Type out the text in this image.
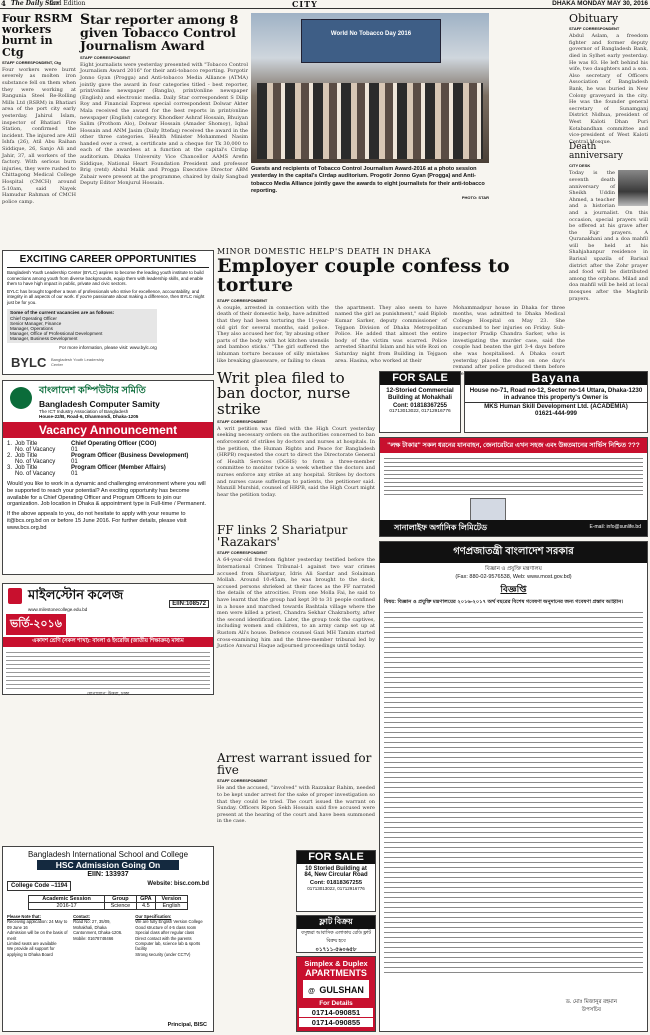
4 The Daily Star
2nd Edition	CITY	DHAKA MONDAY MAY 30, 2016
Four RSRM workers burnt in Ctg
STAFF CORRESPONDENT, Ctg
Four workers were burnt severely as molten iron substance fell on them when they were working at Rangunia Steel Re-Rolling Mills Ltd (RSRM) in Bhatiari area of the port city early yesterday. Jahirul Islam, inspector of Bhatiari Fire Station, confirmed the incident. The injured are Atil Ishfa (26), Atil Abu Raihan Siddique, 26, Sanjo Ali and Jahir, 37, all workers of the factory. With serious burn injuries, they were rushed to Chittagong Medical College Hospital (CMCH) around 5:10am, said Nayek Hamudur Rahman of CMCH police camp.
Star reporter among 8 given Tobacco Control Journalism Award
STAFF CORRESPONDENT
Eight journalists were yesterday presented with "Tobacco Control Journalism Award 2016" for their anti-tobacco reporting. Porgotir Jonno Gyan (Progga) and Anti-tobacco Media Alliance (ATMA) jointly gave the award in four categories titled - best reporter, print/online newspaper (Bangla), print/online newspaper (English) and electronic media. Daily Star correspondent S Dilip Roy and Financial Express special correspondent Dolwar Akter Mala received the award for the best reports in print/online newspaper (English) category. Khondker Ashraf Hossain, Bhuiyan Salim (Prothom Alo), Dolwar Hossain (Amader Shomoy), Iqbal Hossain and ANM Jasim (Daily Ittefaq) received the award in the other three categories. Health Minister Mohammed Nasim handed over a crest, a certificate and a cheque for Tk 30,000 to each of the awardees at a function at the capital's Cirdap auditorium. Dhaka University Vice Chancellor AAMS Arefin Siddique, National Heart Foundation President and professor Brig (retd) Abdul Malik and Progga Executive Director ABM Zubair were present at the programme, chaired by daily Sangbad Deputy Editor Monjurul Hossain.
World No Tobacco Day 2016
Guests and recipients of Tobacco Control Journalism Award-2016 at a photo session yesterday in the capital's Cirdap auditorium. Progotir Jonno Gyan (Progga) and Anti-tobacco Media Alliance jointly gave the awards to eight journalists for their anti-tobacco reporting.
PHOTO: STAR
Obituary
STAFF CORRESPONDENT
Abdul Aslam, a freedom fighter and former deputy governor of Bangladesh Bank, died in Sylhet early yesterday. He was 83. He left behind his wife, two daughters and a son. Also secretary of Officers Association of Bangladesh Bank, he was buried in New Colony graveyard in the city. He was the founder general secretary of Sunamganj District Nidhua, president of West Kaloti Dhan Puri Kotabandhan committee and vice-president of West Kaloti Central Mosque.
Death anniversary
CITY DESK
Today is the seventh death anniversary of Sheikh Uddin Ahmed, a teacher and a historian and a journalist. On this occasion, special prayers will be offered at his grave after the Fajr prayers. A Quranakhani and a doa mahfil will be held at his Shahjahanpur residence in Barisal upazila of Barisal district after the Zohr prayer and food will be distributed among the orphans. Milad and doa mahfil will be held at local mosques after the Maghrib prayers.
MINOR DOMESTIC HELP'S DEATH IN DHAKA
Employer couple confess to torture
STAFF CORRESPONDENT
A couple, arrested in connection with the death of their domestic help, have admitted that they had been torturing the 11-year-old girl for several months, said police. They also accused her for, 'by abusing other parts of the body with hot kitchen utensils and bamboo sticks.' "The girl suffered the inhuman torture because of silly mistakes like breaking glassware, or failing to clean
the apartment. They also seem to have named the girl as punishment," said Biplob Kumar Sarker, deputy commissioner of Tejgaon Division of Dhaka Metropolitan Police. He added that almost the entire body of the victim was scarred. Police arrested Shariful Islam and his wife Rozi on Saturday night from Building in Tejgaon area. Hasina, who worked at their
Mohammadpur house in Dhaka for three months, was admitted to Dhaka Medical College Hospital on May 23. She succumbed to her injuries on Friday. Sub-inspector Pradip Chandra Sarker, who is investigating the murder case, said the couple had beaten the girl 3-4 days before she was hospitalised. A Dhaka court yesterday placed the duo on one day's remand after police produced them before
EXCITING CAREER OPPORTUNITIES
Bangladesh Youth Leadership Center (BYLC) aspires to become the leading youth institute to build connections among youth from diverse backgrounds, equip them with leadership skills, and enable them to have high impact in public, private and civic sectors.
BYLC has brought together a team of professionals who strive for excellence, accountability, and integrity in all aspects of our work. If you're passionate about making a difference, then BYLC might just be for you.
Some of the current vacancies are as follows:
Chief Operating Officer
Senior Manager, Finance
Manager, Operations
Manager, Office of Professional Development
Manager, Business Development
For more information, please visit: www.bylc.org
BYLC Bangladesh Youth Leadership Center
বাংলাদেশ কম্পিউটার সমিতি
Bangladesh Computer Samity
The ICT Industry Association of Bangladesh
House-22/B, Road-6, Dhanmondi, Dhaka-1205
Vacancy Announcement
1.	Job Title	Chief Operating Officer (COO)
	No. of Vacancy	01
2.	Job Title	Program Officer (Business Development)
	No. of Vacancy	01
3.	Job Title	Program Officer (Member Affairs)
	No. of Vacancy	01
Would you like to work in a dynamic and challenging environment where you will be supported to reach your potential? An exciting opportunity has become available for a Chief Operating Officer and Program Officers to join our organization. Job location in Dhaka & appointment type is Full-time / Permanent.
If the above appeals to you, do not hesitate to apply with your resume to it@bcs.org.bd on or before 15 June 2016. For further details, please visit www.bcs.org.bd
মাইলস্টোন কলেজ
EIIN:108572
www.milestonecollege.edu.bd
ভর্তি-২০১৬
একাদশ শ্রেণি (সকল শাখা): বাংলা ও ইংরেজি (জাতীয় শিক্ষাক্রম) মাধ্যম
যোগাযোগ: উত্তরা, ঢাকা
Bangladesh International School and College
HSC Admission Going On
EIIN: 133937
College Code –1194	Website: bisc.com.bd
Academic Session	Group	GPA	Version
2016-17	Science	4.5	English
Please Note that:
Receiving application: 24 May to 09 June 16
Admission will be on the basis of merit
Limited seats are available
We provide all support for applying to Dhaka Board
Contact:
Road No: 27, 35/09, Mohakhali, Dhaka Cantonment, Dhaka-1206. Mobile: 01678748466
Our Specification:
We are fully English Version College
Good structure of 4-5 class room
Special class after regular class
Direct contact with the parents
Computer lab, science lab & sports facility
Strong security (under CCTV)
Principal, BISC
Writ plea filed to ban doctor, nurse strike
STAFF CORRESPONDENT
A writ petition was filed with the High Court yesterday seeking necessary orders on the authorities concerned to ban enforcement of strikes by doctors and nurses at hospitals. In the petition, the Human Rights and Peace for Bangladesh (HRPB) requested the court to direct the Directorate General of Health Services (DGHS) to form a three-member committee to monitor twice a week whether the doctors and nurses enforce any strike at any hospital. Strikes by doctors and nurses cause sufferings to patients, the petitioner said. Manzill Murshid, counsel of HRPB, said the High Court might hear the petition today.
FF links 2 Shariatpur 'Razakars'
STAFF CORRESPONDENT
A 64-year-old freedom fighter yesterday testified before the International Crimes Tribunal-1 against two war crimes accused from Shariatpur, Idris Ali Sardar and Solaiman Mollah. Around 10:45am, he was brought to the dock, accused persons shrieked at their faces as the FF narrated the details of the atrocities. From one Molla Fai, he said to have learnt that the group had kept 30 to 31 people confined in a house and marched towards Bashtala village where the men were killed a priest, Chandra Sekhar Chakraborty, after the second identification. Later, the group took the captives, including women and children, to an army camp set up at Rustom Ali's house. Defence counsel Gazi MH Tamim started cross-examining him and the three-member tribunal led by Justice Anwarul Haque adjourned proceedings until today.
Arrest warrant issued for five
STAFF CORRESPONDENT
He and the accused, "involved" with Razzakar Rahim, needed to be kept under arrest for the sake of proper investigation so that they could be tried. The court issued the warrant on Sunday. Officers Ripon Sekh Hossain said five accused were present at the hearing of the court and have been summoned in the case.
FOR SALE
12-Storied Commercial
Building at Mohakhali
Cont: 01818367255
01713013022, 01712916776
Bayana
House no-71, Road no-12, Sector no-14 Uttara, Dhaka-1230 in advance this property's Owner is
MKS Human Skill Development Ltd. (ACADEMIA)
01621-444-999
"লক্ষ টাকার" সকল ধরনের যানবাহন, জেনারেটরে এখন সহজ এবং উন্নতমানের সার্ভিস নিশ্চিত ???
সানালাইফ অর্গানিক লিমিটেড	E-mail: info@sunlife.bd
গণপ্রজাতন্ত্রী বাংলাদেশ সরকার
বিজ্ঞান ও প্রযুক্তি মন্ত্রণালয়
(Fax: 880-02-9576538, Web: www.most.gov.bd)
বিজ্ঞপ্তি
বিষয়: বিজ্ঞান ও প্রযুক্তি মন্ত্রণালয়ের ২০১৬-২০১৭ অর্থ বছরের বিশেষ গবেষণা অনুদানের জন্য গবেষণা প্রস্তাব আহ্বান।
ড. মোঃ মিজানুর রহমান
উপসচিব
FOR SALE
10 Storied Building at
84, New Circular Road
Cont: 01818367255
01713013022, 01712916776
ফ্লাট বিক্রয়
বসুন্ধরা আবাসিক এলাকায় রেডি ফ্লাট বিক্রয় হবে
০১৭১১-৫৬০৬৫৮
Simplex & Duplex
APARTMENTS
@ GULSHAN
For Details
01714-090851
01714-090855
